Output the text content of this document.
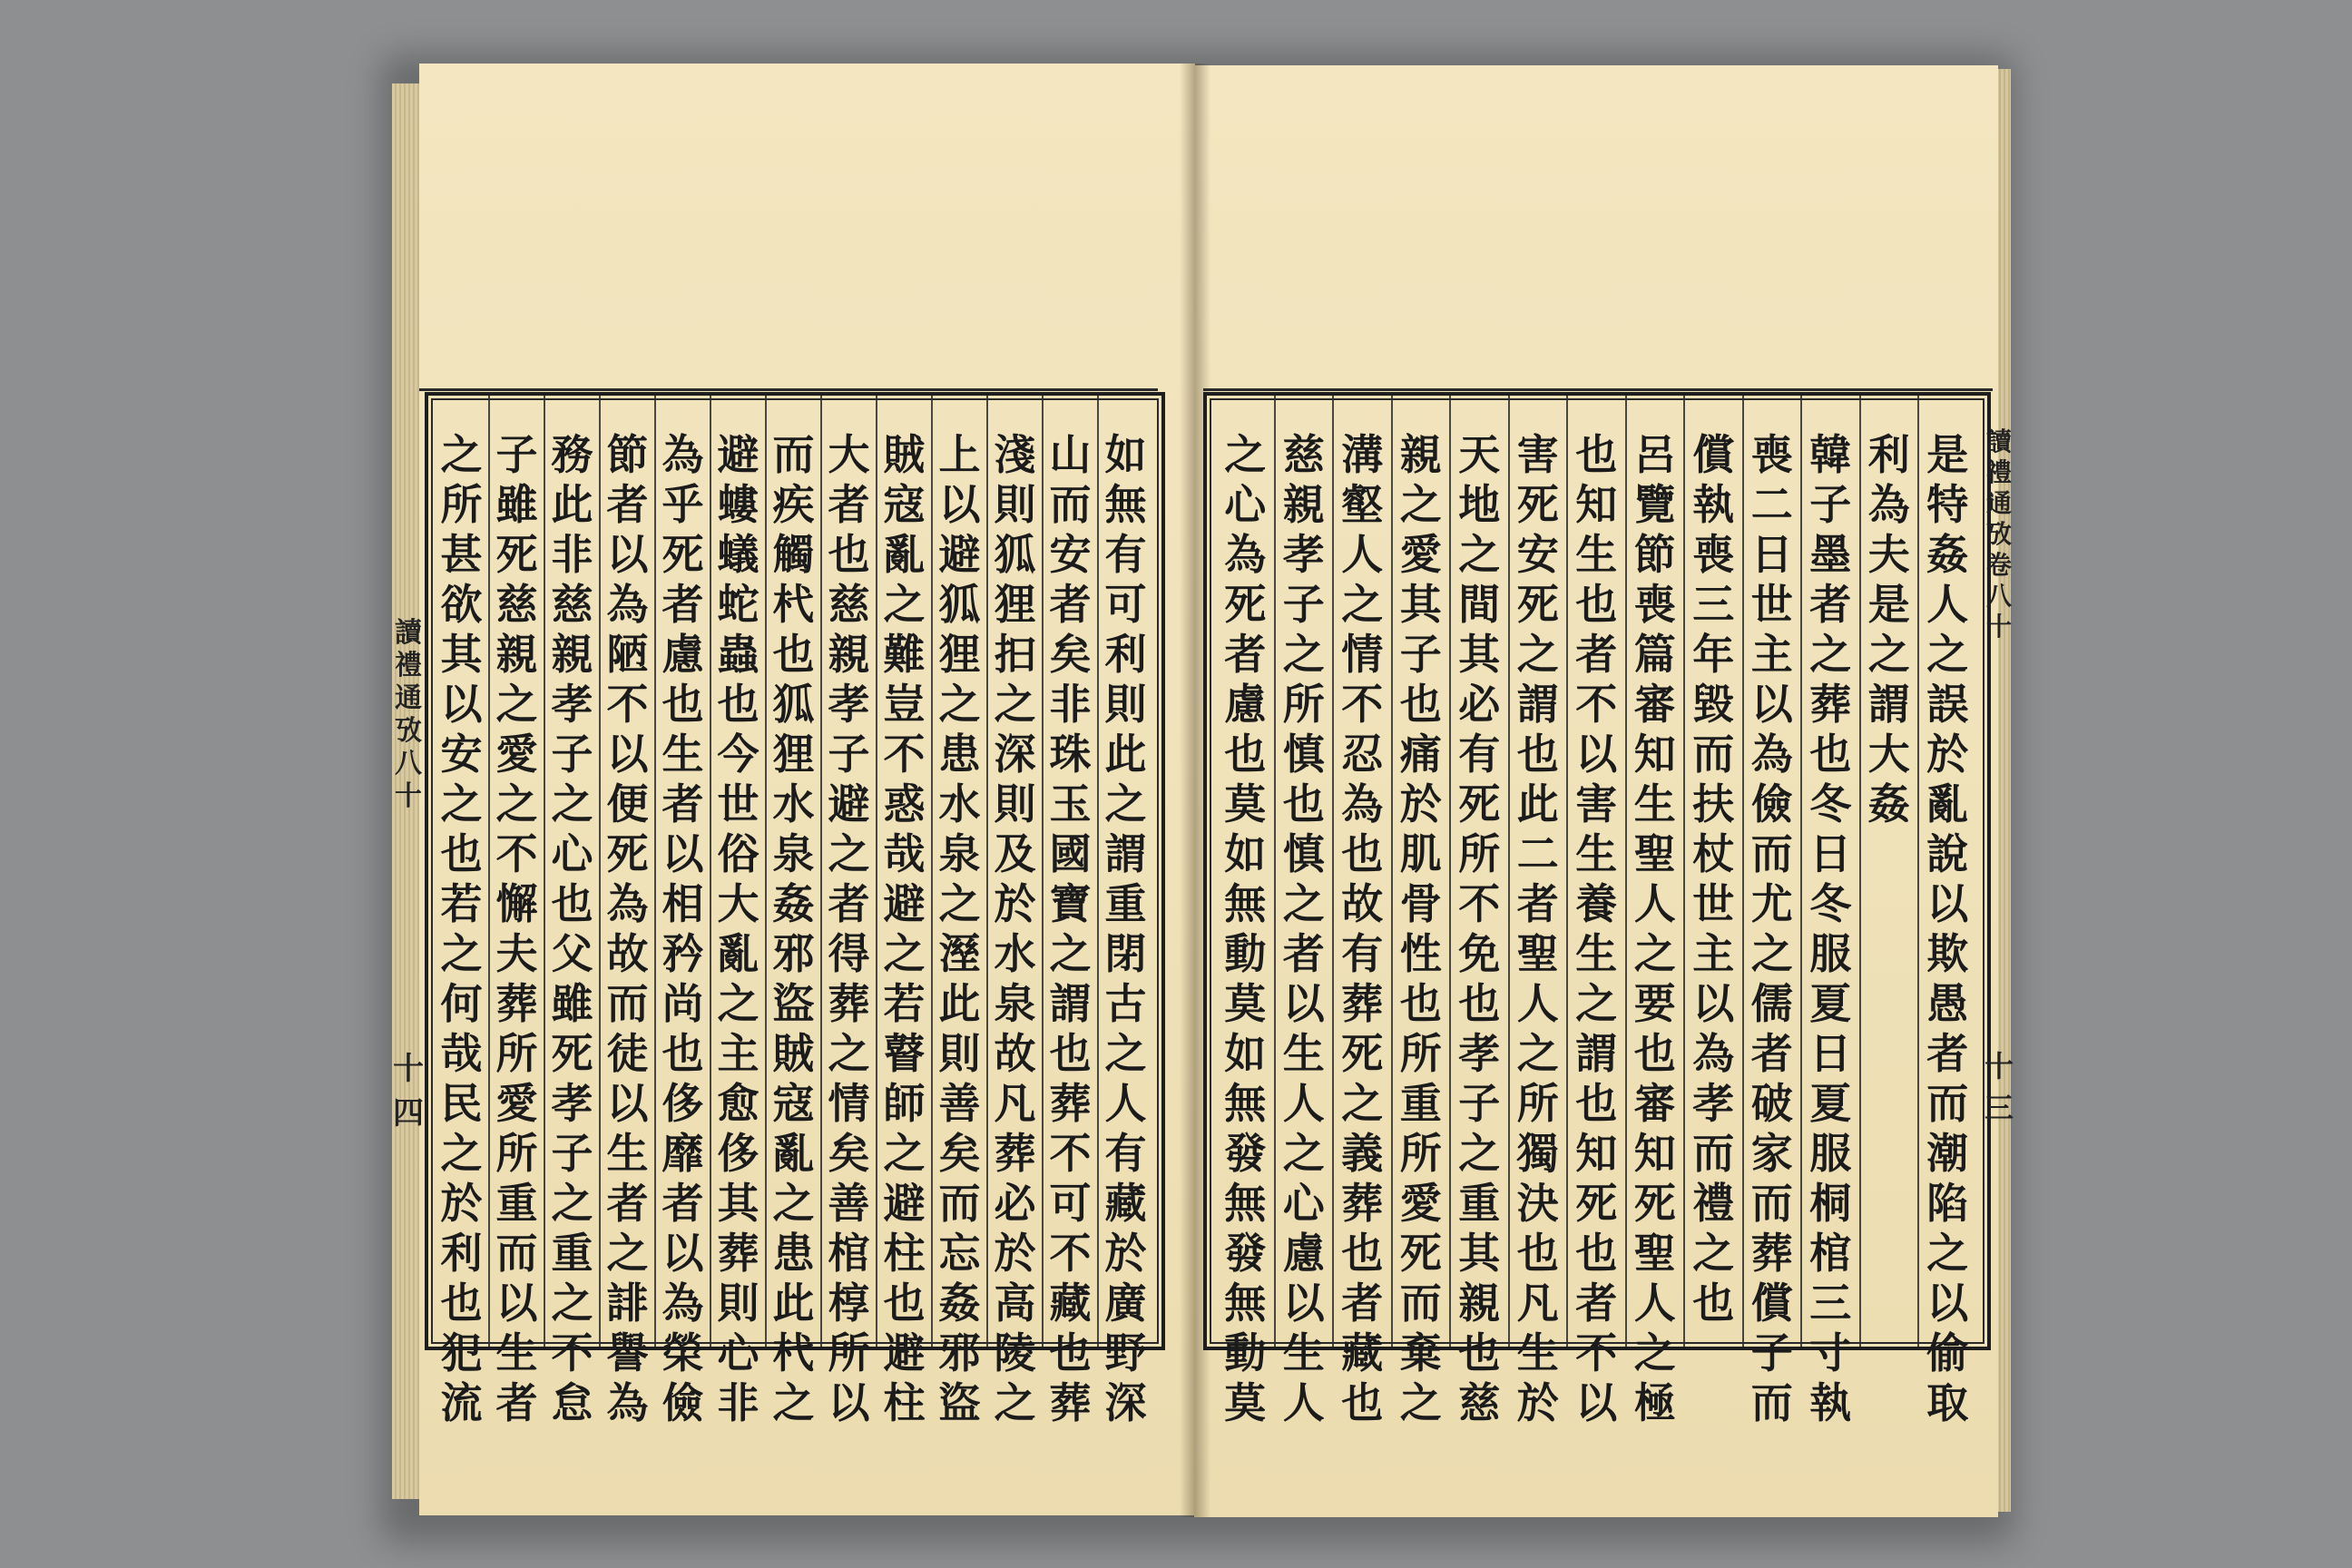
之
所
甚
欲
其
以
安
之
也
若
之
何
哉
民
之
於
利
也
犯
流
子
雖
死
慈
親
之
愛
之
不
懈
夫
葬
所
愛
所
重
而
以
生
者
務
此
非
慈
親
孝
子
之
心
也
父
雖
死
孝
子
之
重
之
不
怠
節
者
以
為
陋
不
以
便
死
為
故
而
徒
以
生
者
之
誹
譽
為
為
乎
死
者
慮
也
生
者
以
相
矜
尚
也
侈
靡
者
以
為
榮
儉
避
螻
蟻
蛇
蟲
也
今
世
俗
大
亂
之
主
愈
侈
其
葬
則
心
非
而
疾
觸
杙
也
狐
狸
水
泉
姦
邪
盜
賊
寇
亂
之
患
此
杙
之
大
者
也
慈
親
孝
子
避
之
者
得
葬
之
情
矣
善
棺
椁
所
以
賊
寇
亂
之
難
豈
不
惑
哉
避
之
若
瞽
師
之
避
柱
也
避
柱
上
以
避
狐
狸
之
患
水
泉
之
溼
此
則
善
矣
而
忘
姦
邪
盜
淺
則
狐
狸
抇
之
深
則
及
於
水
泉
故
凡
葬
必
於
高
陵
之
山
而
安
者
矣
非
珠
玉
國
寶
之
謂
也
葬
不
可
不
藏
也
葬
如
無
有
可
利
則
此
之
謂
重
閉
古
之
人
有
藏
於
廣
野
深
之
心
為
死
者
慮
也
莫
如
無
動
莫
如
無
發
無
發
無
動
莫
慈
親
孝
子
之
所
慎
也
慎
之
者
以
生
人
之
心
慮
以
生
人
溝
壑
人
之
情
不
忍
為
也
故
有
葬
死
之
義
葬
也
者
藏
也
親
之
愛
其
子
也
痛
於
肌
骨
性
也
所
重
所
愛
死
而
棄
之
天
地
之
間
其
必
有
死
所
不
免
也
孝
子
之
重
其
親
也
慈
害
死
安
死
之
謂
也
此
二
者
聖
人
之
所
獨
決
也
凡
生
於
也
知
生
也
者
不
以
害
生
養
生
之
謂
也
知
死
也
者
不
以
呂
覽
節
喪
篇
審
知
生
聖
人
之
要
也
審
知
死
聖
人
之
極
償
執
喪
三
年
毀
而
扶
杖
世
主
以
為
孝
而
禮
之
也
喪
二
日
世
主
以
為
儉
而
尤
之
儒
者
破
家
而
葬
償
子
而
韓
子
墨
者
之
葬
也
冬
日
冬
服
夏
日
夏
服
桐
棺
三
寸
執
利
為
夫
是
之
謂
大
姦
是
特
姦
人
之
誤
於
亂
說
以
欺
愚
者
而
潮
陷
之
以
偷
取
讀
禮
通
攷
八
十
十四
讀
禮
通
攷
卷
八
十
十三
